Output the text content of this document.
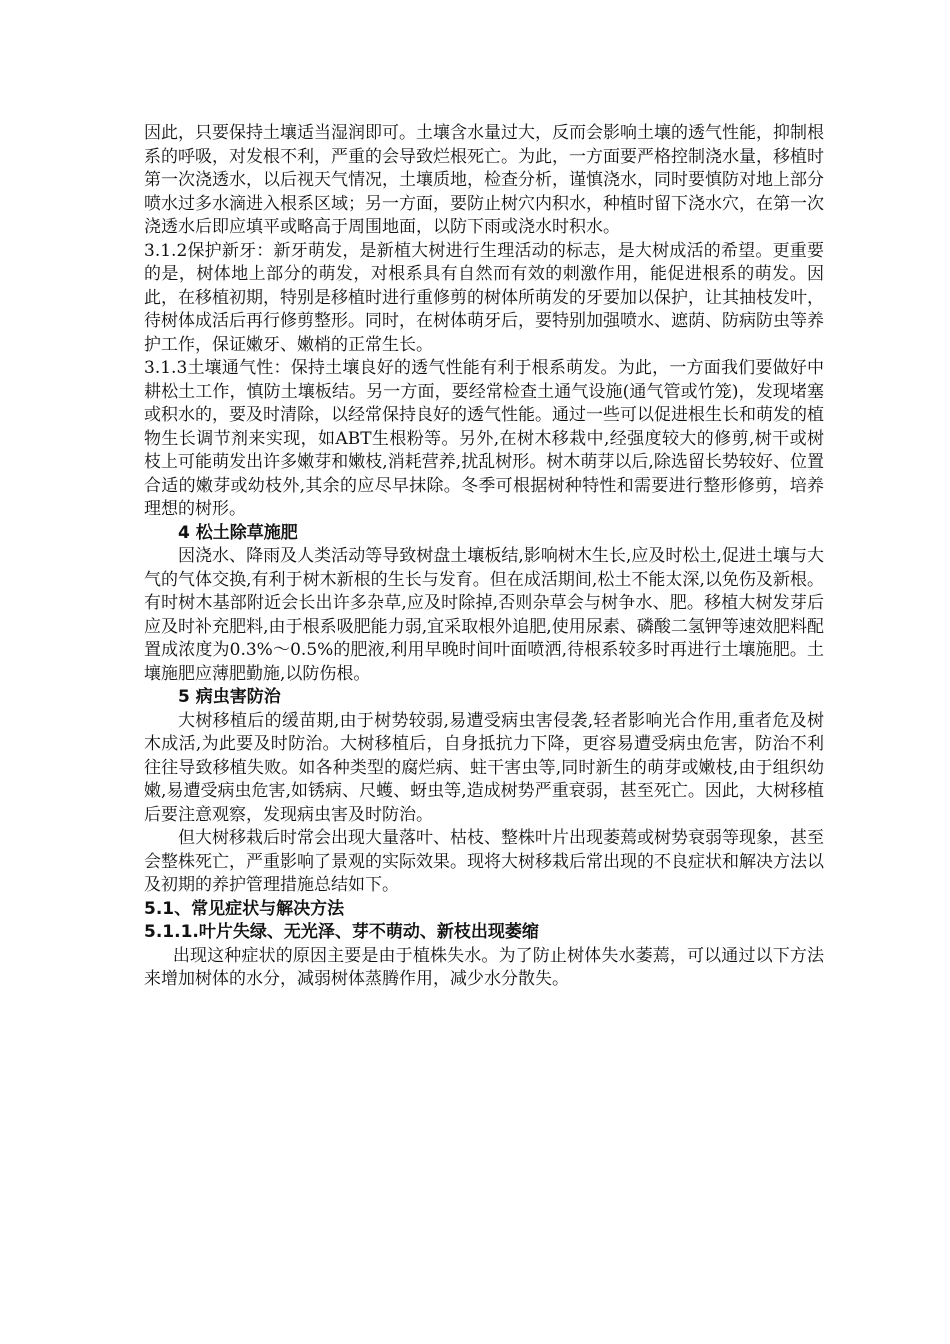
因此，只要保持土壤适当湿润即可。土壤含水量过大，反而会影响土壤的透气性能，抑制根系的呼吸，对发根不利，严重的会导致烂根死亡。为此，一方面要严格控制浇水量，移植时第一次浇透水，以后视天气情况，土壤质地，检查分析，谨慎浇水，同时要慎防对地上部分喷水过多水滴进入根系区域；另一方面，要防止树穴内积水，种植时留下浇水穴，在第一次浇透水后即应填平或略高于周围地面，以防下雨或浇水时积水。

3.1.2保护新牙：新牙萌发，是新植大树进行生理活动的标志，是大树成活的希望。更重要的是，树体地上部分的萌发，对根系具有自然而有效的刺激作用，能促进根系的萌发。因此，在移植初期，特别是移植时进行重修剪的树体所萌发的牙要加以保护，让其抽枝发叶，待树体成活后再行修剪整形。同时，在树体萌牙后，要特别加强喷水、遮荫、防病防虫等养护工作，保证嫩牙、嫩梢的正常生长。

3.1.3土壤通气性：保持土壤良好的透气性能有利于根系萌发。为此，一方面我们要做好中耕松土工作，慎防土壤板结。另一方面，要经常检查土通气设施(通气管或竹笼)，发现堵塞或积水的，要及时清除，以经常保持良好的透气性能。通过一些可以促进根生长和萌发的植物生长调节剂来实现，如ABT生根粉等。另外,在树木移栽中,经强度较大的修剪,树干或树枝上可能萌发出许多嫩芽和嫩枝,消耗营养,扰乱树形。树木萌芽以后,除选留长势较好、位置合适的嫩芽或幼枝外,其余的应尽早抹除。冬季可根据树种特性和需要进行整形修剪，培养理想的树形。

4 松土除草施肥

因浇水、降雨及人类活动等导致树盘土壤板结,影响树木生长,应及时松土,促进土壤与大气的气体交换,有利于树木新根的生长与发育。但在成活期间,松土不能太深,以免伤及新根。有时树木基部附近会长出许多杂草,应及时除掉,否则杂草会与树争水、肥。移植大树发芽后应及时补充肥料,由于根系吸肥能力弱,宜采取根外追肥,使用尿素、磷酸二氢钾等速效肥料配置成浓度为0.3%～0.5%的肥液,利用早晚时间叶面喷洒,待根系较多时再进行土壤施肥。土壤施肥应薄肥勤施,以防伤根。

5 病虫害防治

大树移植后的缓苗期,由于树势较弱,易遭受病虫害侵袭,轻者影响光合作用,重者危及树木成活,为此要及时防治。大树移植后，自身抵抗力下降，更容易遭受病虫危害，防治不利往往导致移植失败。如各种类型的腐烂病、蛀干害虫等,同时新生的萌芽或嫩枝,由于组织幼嫩,易遭受病虫危害,如锈病、尺蠖、蚜虫等,造成树势严重衰弱，甚至死亡。因此，大树移植后要注意观察，发现病虫害及时防治。

但大树移栽后时常会出现大量落叶、枯枝、整株叶片出现萎蔫或树势衰弱等现象，甚至会整株死亡，严重影响了景观的实际效果。现将大树移栽后常出现的不良症状和解决方法以及初期的养护管理措施总结如下。

5.1、常见症状与解决方法

5.1.1.叶片失绿、无光泽、芽不萌动、新枝出现萎缩

出现这种症状的原因主要是由于植株失水。为了防止树体失水萎蔫，可以通过以下方法来增加树体的水分，减弱树体蒸腾作用，减少水分散失。
